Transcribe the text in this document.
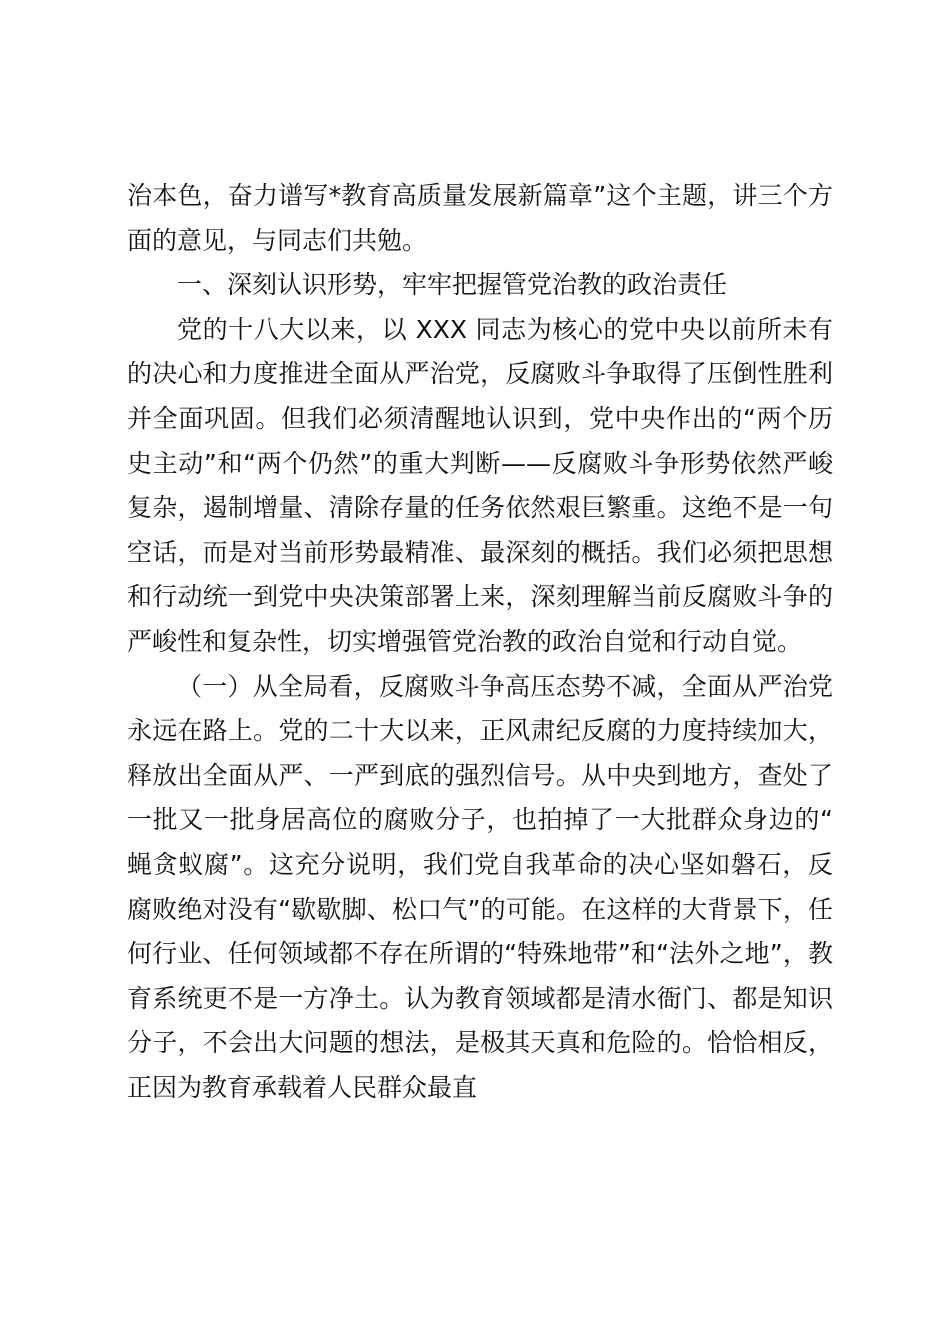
治本色，奋力谱写*教育高质量发展新篇章”这个主题，讲三个方面的意见，与同志们共勉。

一、深刻认识形势，牢牢把握管党治教的政治责任

党的十八大以来，以 XXX 同志为核心的党中央以前所未有的决心和力度推进全面从严治党，反腐败斗争取得了压倒性胜利并全面巩固。但我们必须清醒地认识到，党中央作出的“两个历史主动”和“两个仍然”的重大判断——反腐败斗争形势依然严峻复杂，遏制增量、清除存量的任务依然艰巨繁重。这绝不是一句空话，而是对当前形势最精准、最深刻的概括。我们必须把思想和行动统一到党中央决策部署上来，深刻理解当前反腐败斗争的严峻性和复杂性，切实增强管党治教的政治自觉和行动自觉。

（一）从全局看，反腐败斗争高压态势不减，全面从严治党永远在路上。党的二十大以来，正风肃纪反腐的力度持续加大，释放出全面从严、一严到底的强烈信号。从中央到地方，查处了一批又一批身居高位的腐败分子，也拍掉了一大批群众身边的“蝇贪蚁腐”。这充分说明，我们党自我革命的决心坚如磐石，反腐败绝对没有“歇歇脚、松口气”的可能。在这样的大背景下，任何行业、任何领域都不存在所谓的“特殊地带”和“法外之地”，教育系统更不是一方净土。认为教育领域都是清水衙门、都是知识分子，不会出大问题的想法，是极其天真和危险的。恰恰相反，正因为教育承载着人民群众最直
